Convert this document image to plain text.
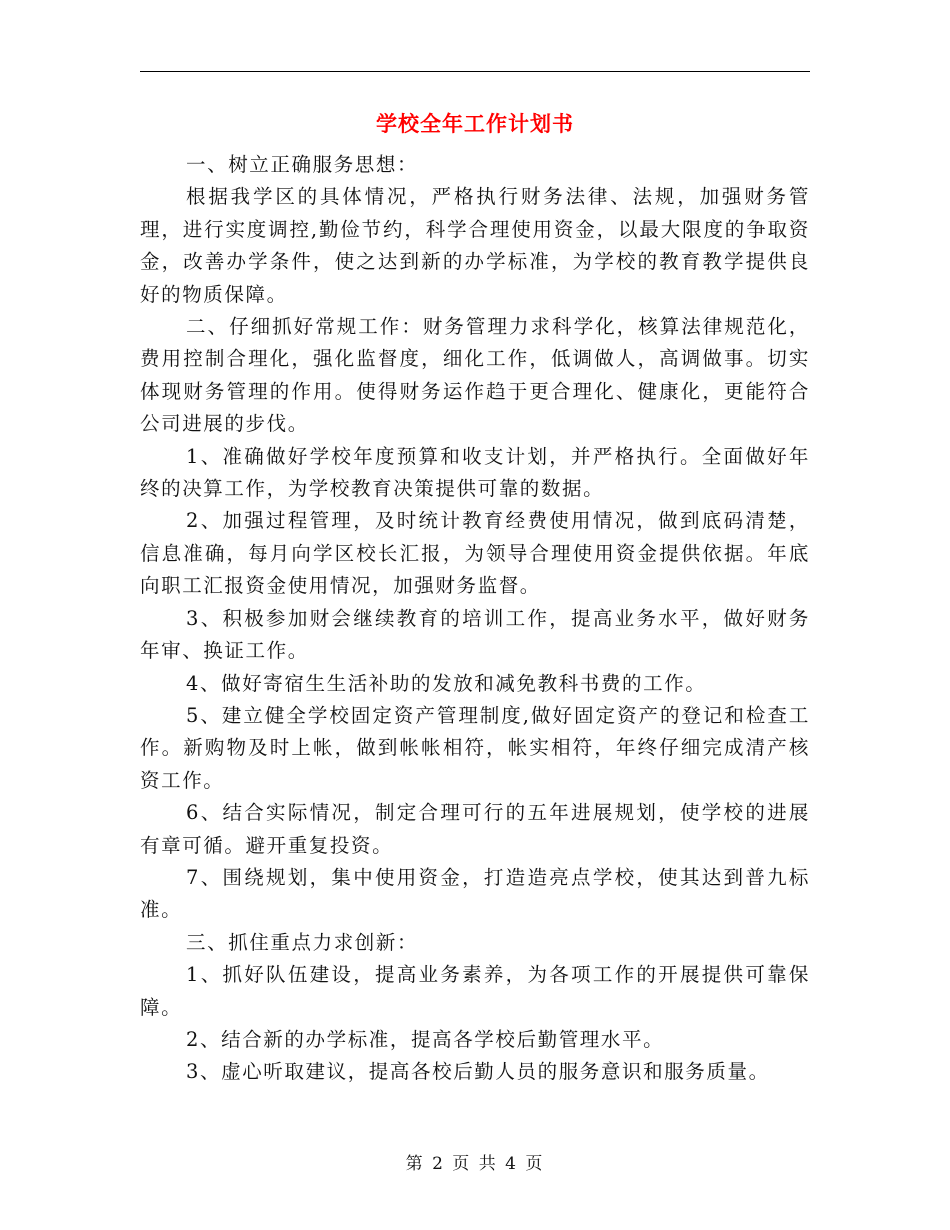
学校全年工作计划书

一、树立正确服务思想：

根据我学区的具体情况，严格执行财务法律、法规，加强财务管理，进行实度调控,勤俭节约，科学合理使用资金，以最大限度的争取资金，改善办学条件，使之达到新的办学标准，为学校的教育教学提供良好的物质保障。

二、仔细抓好常规工作：财务管理力求科学化，核算法律规范化，费用控制合理化，强化监督度，细化工作，低调做人，高调做事。切实体现财务管理的作用。使得财务运作趋于更合理化、健康化，更能符合公司进展的步伐。

1、准确做好学校年度预算和收支计划，并严格执行。全面做好年终的决算工作，为学校教育决策提供可靠的数据。

2、加强过程管理，及时统计教育经费使用情况，做到底码清楚，信息准确，每月向学区校长汇报，为领导合理使用资金提供依据。年底向职工汇报资金使用情况，加强财务监督。

3、积极参加财会继续教育的培训工作，提高业务水平，做好财务年审、换证工作。

4、做好寄宿生生活补助的发放和减免教科书费的工作。

5、建立健全学校固定资产管理制度,做好固定资产的登记和检查工作。新购物及时上帐，做到帐帐相符，帐实相符，年终仔细完成清产核资工作。

6、结合实际情况，制定合理可行的五年进展规划，使学校的进展有章可循。避开重复投资。

7、围绕规划，集中使用资金，打造造亮点学校，使其达到普九标准。

三、抓住重点力求创新：

1、抓好队伍建设，提高业务素养，为各项工作的开展提供可靠保障。

2、结合新的办学标准，提高各学校后勤管理水平。

3、虚心听取建议，提高各校后勤人员的服务意识和服务质量。

第 2 页 共 4 页
